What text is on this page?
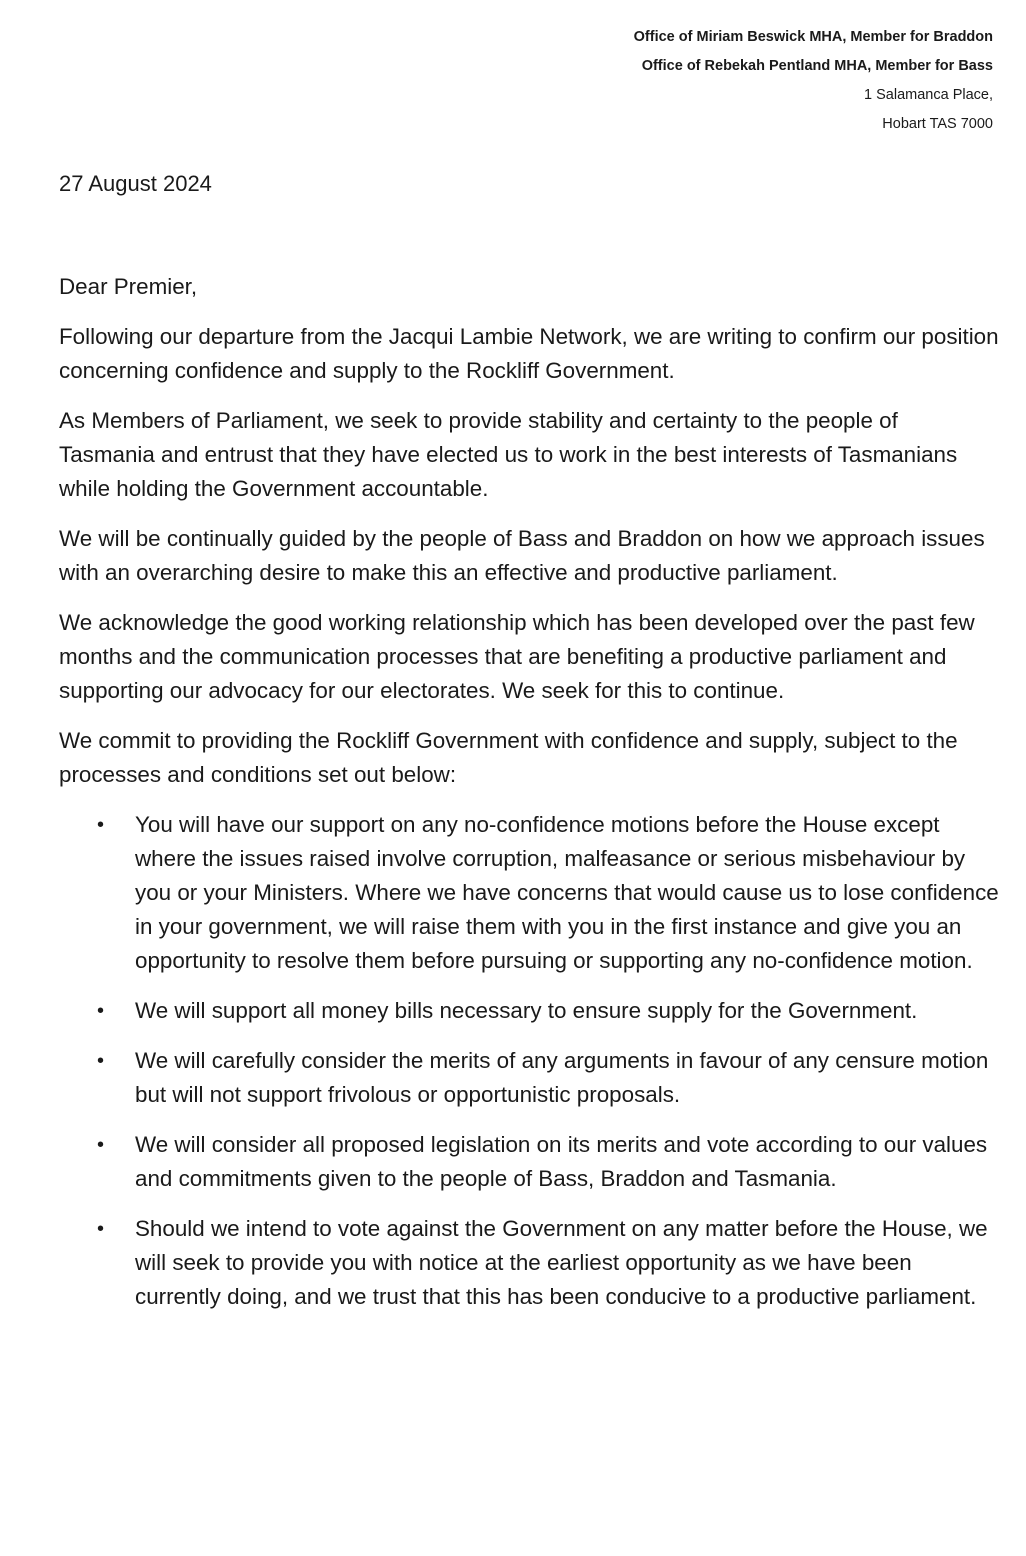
Office of Miriam Beswick MHA, Member for Braddon
Office of Rebekah Pentland MHA, Member for Bass
1 Salamanca Place,
Hobart TAS 7000
27 August 2024

Dear Premier,

Following our departure from the Jacqui Lambie Network, we are writing to confirm our position concerning confidence and supply to the Rockliff Government.

As Members of Parliament, we seek to provide stability and certainty to the people of Tasmania and entrust that they have elected us to work in the best interests of Tasmanians while holding the Government accountable.

We will be continually guided by the people of Bass and Braddon on how we approach issues with an overarching desire to make this an effective and productive parliament.

We acknowledge the good working relationship which has been developed over the past few months and the communication processes that are benefiting a productive parliament and supporting our advocacy for our electorates. We seek for this to continue.

We commit to providing the Rockliff Government with confidence and supply, subject to the processes and conditions set out below:

• You will have our support on any no-confidence motions before the House except where the issues raised involve corruption, malfeasance or serious misbehaviour by you or your Ministers. Where we have concerns that would cause us to lose confidence in your government, we will raise them with you in the first instance and give you an opportunity to resolve them before pursuing or supporting any no-confidence motion.
• We will support all money bills necessary to ensure supply for the Government.
• We will carefully consider the merits of any arguments in favour of any censure motion but will not support frivolous or opportunistic proposals.
• We will consider all proposed legislation on its merits and vote according to our values and commitments given to the people of Bass, Braddon and Tasmania.
• Should we intend to vote against the Government on any matter before the House, we will seek to provide you with notice at the earliest opportunity as we have been currently doing, and we trust that this has been conducive to a productive parliament.
